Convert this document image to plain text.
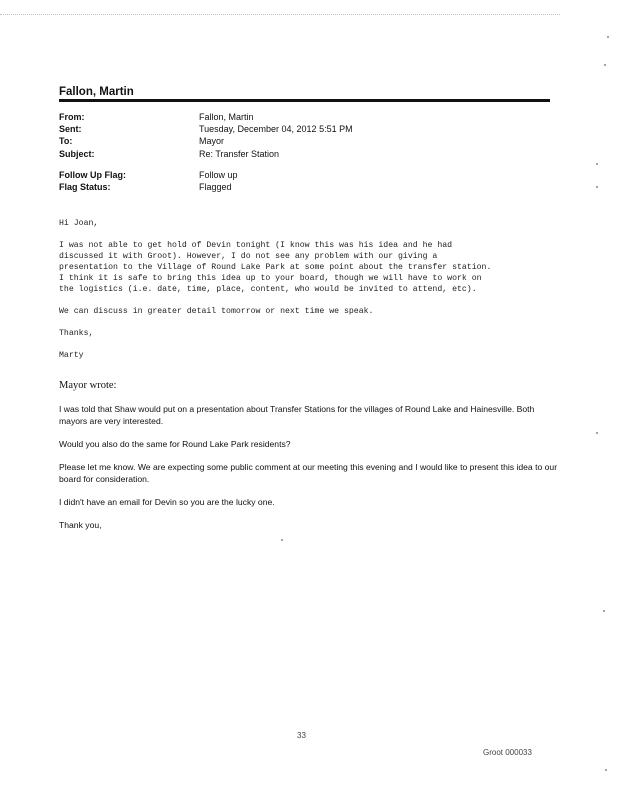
Fallon, Martin
From:	Fallon, Martin
Sent:	Tuesday, December 04, 2012 5:51 PM
To:	Mayor
Subject:	Re: Transfer Station

Follow Up Flag:	Follow up
Flag Status:	Flagged

Hi Joan,

I was not able to get hold of Devin tonight (I know this was his idea and he had

discussed it with Groot). However, I do not see any problem with our giving a

presentation to the Village of Round Lake Park at some point about the transfer station.

I think it is safe to bring this idea up to your board, though we will have to work on

the logistics (i.e. date, time, place, content, who would be invited to attend, etc).

We can discuss in greater detail tomorrow or next time we speak.

Thanks,

Marty

Mayor wrote:

I was told that Shaw would put on a presentation about Transfer Stations for the villages of Round Lake and Hainesville. Both mayors are very interested.

Would you also do the same for Round Lake Park residents?

Please let me know. We are expecting some public comment at our meeting this evening and I would like to present this idea to our board for consideration.

I didn't have an email for Devin so you are the lucky one.

Thank you,

33
Groot 000033
